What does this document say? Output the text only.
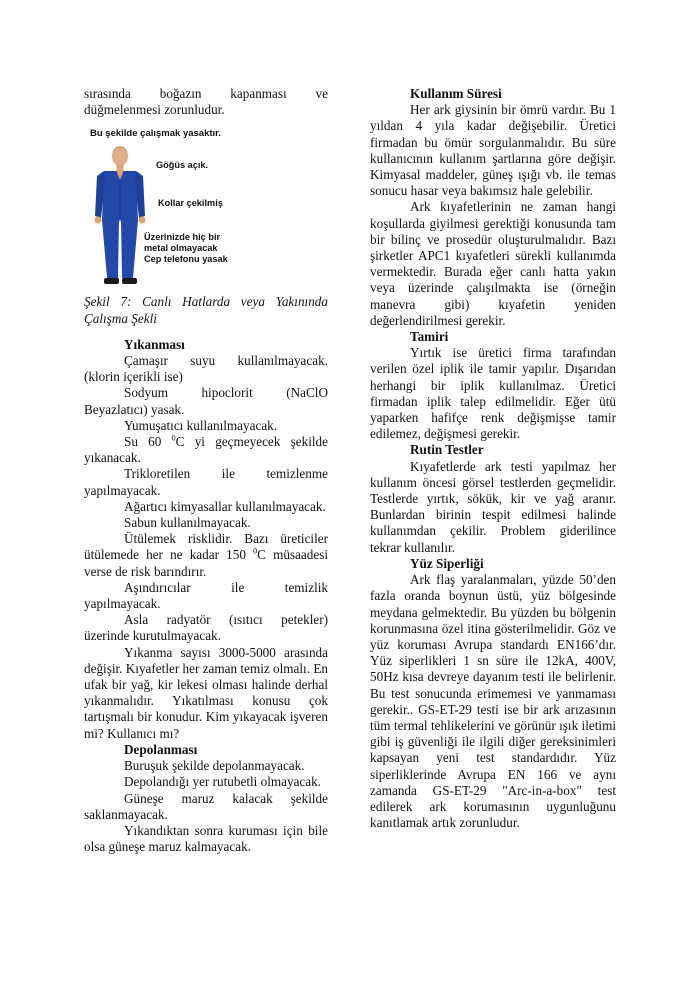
sırasında boğazın kapanması ve düğmelenmesi zorunludur.

Bu şekilde çalışmak yasaktır.
Göğüs açık.
Kollar çekilmiş
Üzerinizde hiç bir
metal olmayacak
Cep telefonu yasak

Şekil 7: Canlı Hatlarda veya Yakınında Çalışma Şekli

Yıkanması

Çamaşır suyu kullanılmayacak. (klorin içerikli ise)

Sodyum hipoclorit (NaClO Beyazlatıcı) yasak.

Yumuşatıcı kullanılmayacak.

Su 60 $^0$C yi geçmeyecek şekilde yıkanacak.

Trikloretilen ile temizlenme yapılmayacak.

Ağartıcı kimyasallar kullanılmayacak.

Sabun kullanılmayacak.

Ütülemek risklidir. Bazı üreticiler ütülemede her ne kadar 150 $^0$C müsaadesi verse de risk barındırır.

Aşındırıcılar ile temizlik yapılmayacak.

Asla radyatör (ısıtıcı petekler) üzerinde kurutulmayacak.

Yıkanma sayısı 3000-5000 arasında değişir. Kıyafetler her zaman temiz olmalı. En ufak bir yağ, kir lekesi olması halinde derhal yıkanmalıdır. Yıkatılması konusu çok tartışmalı bir konudur. Kim yıkayacak işveren mi? Kullanıcı mı?

Depolanması

Buruşuk şekilde depolanmayacak.

Depolandığı yer rutubetli olmayacak.

Güneşe maruz kalacak şekilde saklanmayacak.

Yıkandıktan sonra kuruması için bile olsa güneşe maruz kalmayacak.

Kullanım Süresi

Her ark giysinin bir ömrü vardır. Bu 1 yıldan 4 yıla kadar değişebilir. Üretici firmadan bu ömür sorgulanmalıdır. Bu süre kullanıcının kullanım şartlarına göre değişir. Kimyasal maddeler, güneş ışığı vb. ile temas sonucu hasar veya bakımsız hale gelebilir.

Ark kıyafetlerinin ne zaman hangi koşullarda giyilmesi gerektiği konusunda tam bir bilinç ve prosedür oluşturulmalıdır. Bazı şirketler APC1 kıyafetleri sürekli kullanımda vermektedir. Burada eğer canlı hatta yakın veya üzerinde çalışılmakta ise (örneğin manevra gibi) kıyafetin yeniden değerlendirilmesi gerekir.

Tamiri

Yırtık ise üretici firma tarafından verilen özel iplik ile tamir yapılır. Dışarıdan herhangi bir iplik kullanılmaz. Üretici firmadan iplik talep edilmelidir. Eğer ütü yaparken hafifçe renk değişmişse tamir edilemez, değişmesi gerekir.

Rutin Testler

Kıyafetlerde ark testi yapılmaz her kullanım öncesi görsel testlerden geçmelidir. Testlerde yırtık, sökük, kir ve yağ aranır. Bunlardan birinin tespit edilmesi halinde kullanımdan çekilir. Problem giderilince tekrar kullanılır.

Yüz Siperliği

Ark flaş yaralanmaları, yüzde 50’den fazla oranda boynun üstü, yüz bölgesinde meydana gelmektedir. Bu yüzden bu bölgenin korunmasına özel itina gösterilmelidir. Göz ve yüz koruması Avrupa standardı EN166’dır. Yüz siperlikleri 1 sn süre ile 12kA, 400V, 50Hz kısa devreye dayanım testi ile belirlenir. Bu test sonucunda erimemesi ve yanmaması gerekir.. GS-ET-29 testi ise bir ark arızasının tüm termal tehlikelerini ve görünür ışık iletimi gibi iş güvenliği ile ilgili diğer gereksinimleri kapsayan yeni test standardıdır. Yüz siperliklerinde Avrupa EN 166 ve aynı zamanda GS-ET-29 "Arc-in-a-box" test edilerek ark korumasının uygunluğunu kanıtlamak artık zorunludur.
